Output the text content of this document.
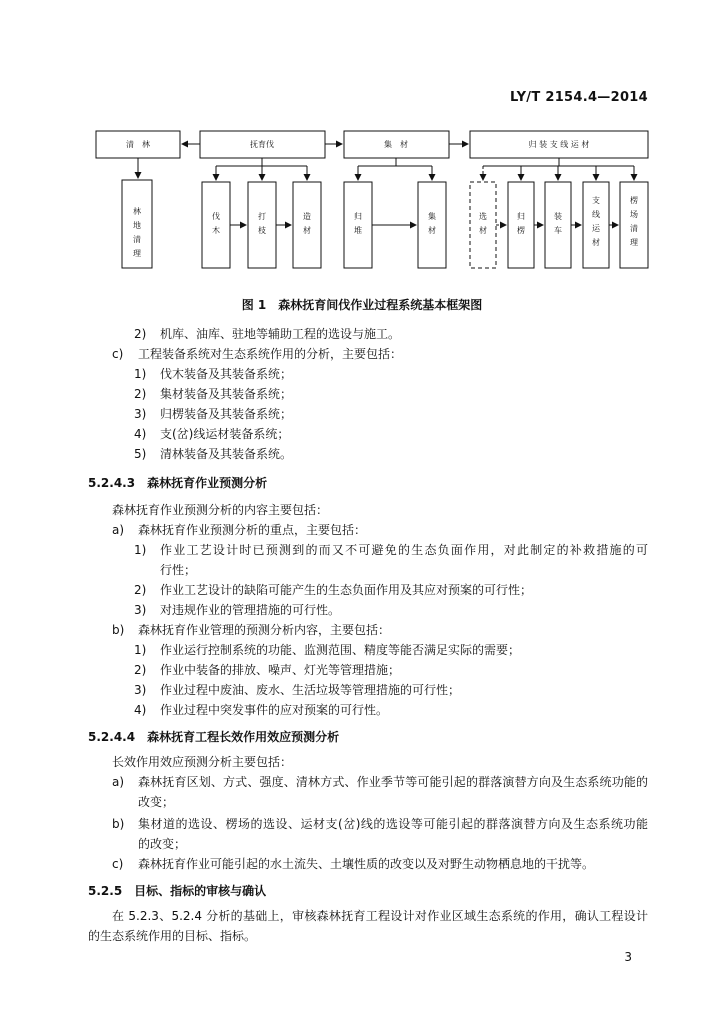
LY/T 2154.4—2014
清　林	抚育伐	集　材	归 装 支 线 运 材
林
地
清
理
伐
木
打
枝
造
材
归
堆
集
材
选
材
归
楞
装
车
支
线
运
材
楞
场
清
理
图 1　森林抚育间伐作业过程系统基本框架图
2) 机库、油库、驻地等辅助工程的选设与施工。
c) 工程装备系统对生态系统作用的分析，主要包括：
1) 伐木装备及其装备系统；
2) 集材装备及其装备系统；
3) 归楞装备及其装备系统；
4) 支(岔)线运材装备系统；
5) 清林装备及其装备系统。
5.2.4.3　森林抚育作业预测分析
森林抚育作业预测分析的内容主要包括：
a) 森林抚育作业预测分析的重点，主要包括：
1) 作业工艺设计时已预测到的而又不可避免的生态负面作用，对此制定的补救措施的可
行性；
2) 作业工艺设计的缺陷可能产生的生态负面作用及其应对预案的可行性；
3) 对违规作业的管理措施的可行性。
b) 森林抚育作业管理的预测分析内容，主要包括：
1) 作业运行控制系统的功能、监测范围、精度等能否满足实际的需要；
2) 作业中装备的排放、噪声、灯光等管理措施；
3) 作业过程中废油、废水、生活垃圾等管理措施的可行性；
4) 作业过程中突发事件的应对预案的可行性。
5.2.4.4　森林抚育工程长效作用效应预测分析
长效作用效应预测分析主要包括：
a) 森林抚育区划、方式、强度、清林方式、作业季节等可能引起的群落演替方向及生态系统功能的
改变；
b) 集材道的选设、楞场的选设、运材支(岔)线的选设等可能引起的群落演替方向及生态系统功能
的改变；
c) 森林抚育作业可能引起的水土流失、土壤性质的改变以及对野生动物栖息地的干扰等。
5.2.5　目标、指标的审核与确认
在 5.2.3、5.2.4 分析的基础上，审核森林抚育工程设计对作业区域生态系统的作用，确认工程设计
的生态系统作用的目标、指标。
3
